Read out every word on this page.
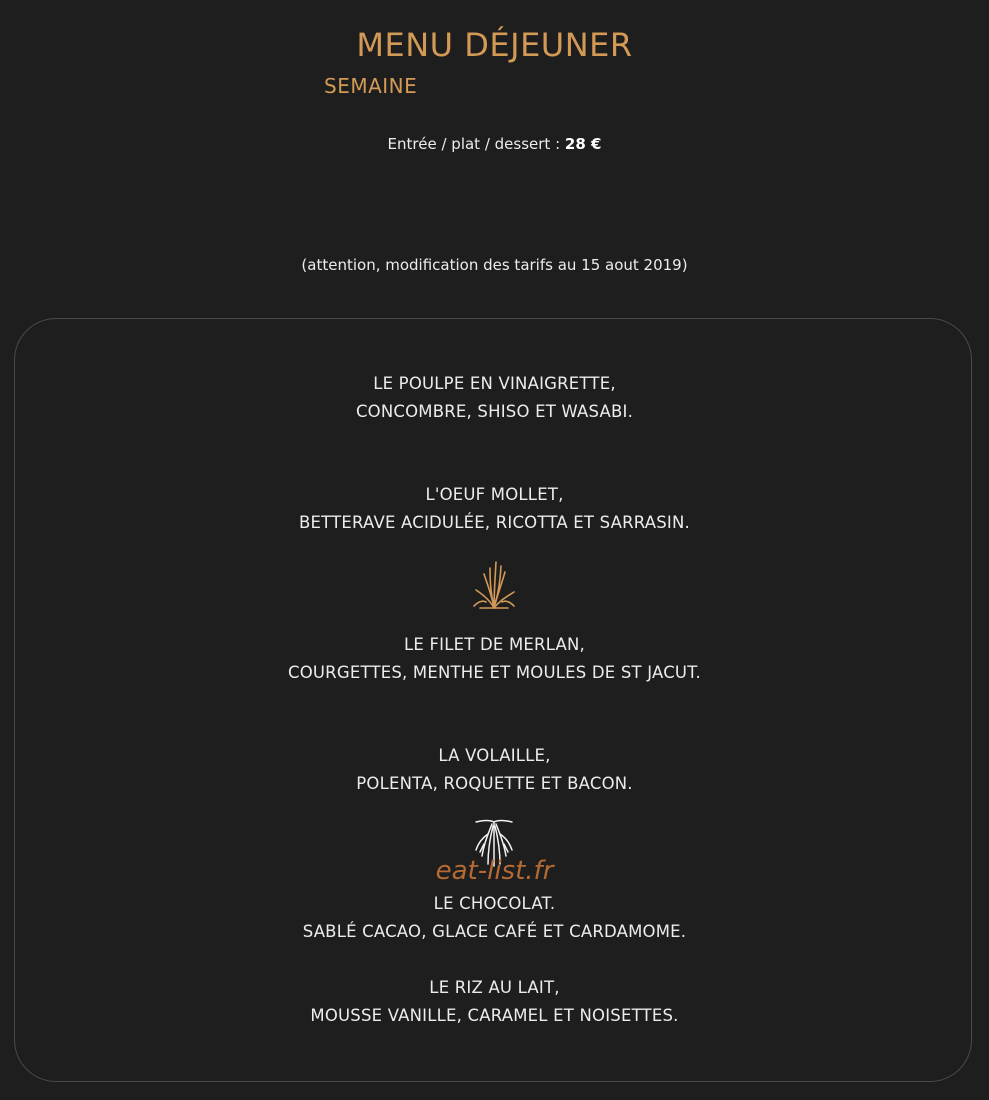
MENU DÉJEUNER
SEMAINE
Entrée / plat / dessert : 28 €
(attention, modification des tarifs au 15 aout 2019)
LE POULPE EN VINAIGRETTE,
CONCOMBRE, SHISO ET WASABI.
L'OEUF MOLLET,
BETTERAVE ACIDULÉE, RICOTTA ET SARRASIN.
LE FILET DE MERLAN,
COURGETTES, MENTHE ET MOULES DE ST JACUT.
LA VOLAILLE,
POLENTA, ROQUETTE ET BACON.
eat-list.fr
LE CHOCOLAT.
SABLÉ CACAO, GLACE CAFÉ ET CARDAMOME.
LE RIZ AU LAIT,
MOUSSE VANILLE, CARAMEL ET NOISETTES.
